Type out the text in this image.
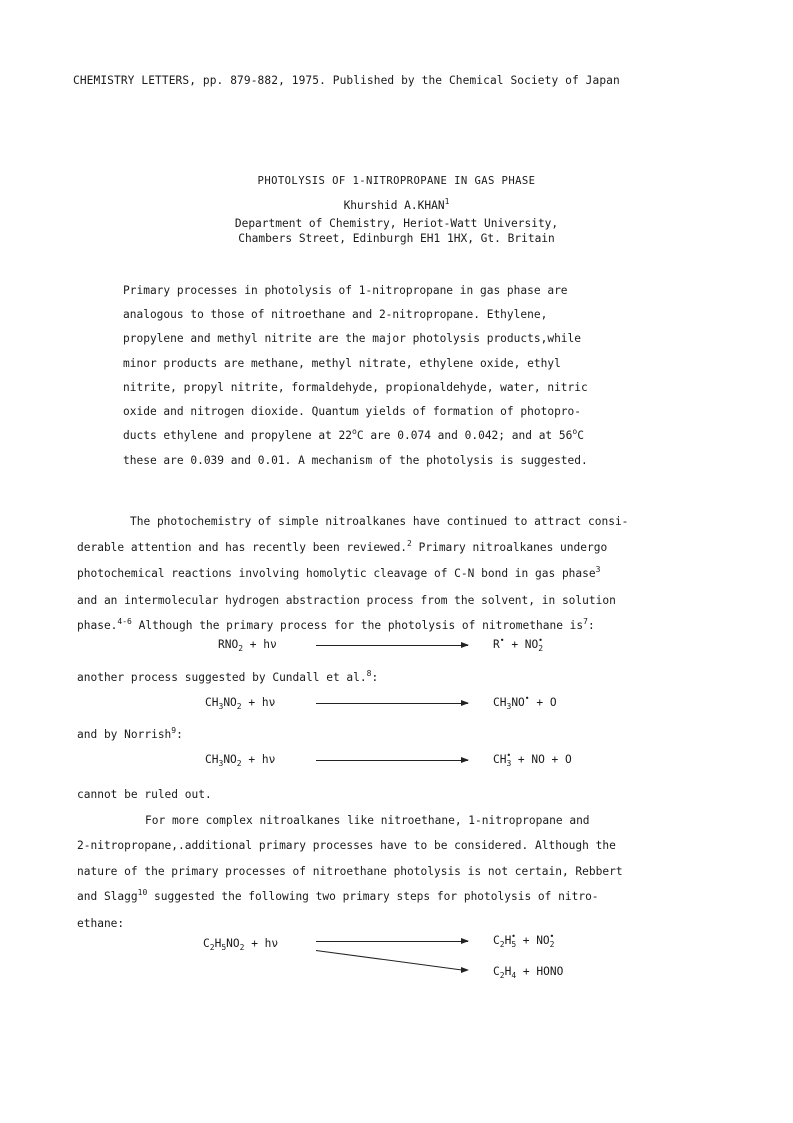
CHEMISTRY LETTERS, pp. 879-882, 1975. Published by the Chemical Society of Japan
PHOTOLYSIS OF 1-NITROPROPANE IN GAS PHASE
Khurshid A.KHAN$^1$
Department of Chemistry, Heriot-Watt University,
Chambers Street, Edinburgh EH1 1HX, Gt. Britain
Primary processes in photolysis of 1-nitropropane in gas phase are
analogous to those of nitroethane and 2-nitropropane. Ethylene,
propylene and methyl nitrite are the major photolysis products,while
minor products are methane, methyl nitrate, ethylene oxide, ethyl
nitrite, propyl nitrite, formaldehyde, propionaldehyde, water, nitric
oxide and nitrogen dioxide. Quantum yields of formation of photopro-
ducts ethylene and propylene at 22$^o$C are 0.074 and 0.042; and at 56$^o$C
these are 0.039 and 0.01. A mechanism of the photolysis is suggested.
The photochemistry of simple nitroalkanes have continued to attract consi-
derable attention and has recently been reviewed.$^2$ Primary nitroalkanes undergo
photochemical reactions involving homolytic cleavage of C-N bond in gas phase$^3$
and an intermolecular hydrogen abstraction process from the solvent, in solution
phase.$^{4-6}$ Although the primary process for the photolysis of nitromethane $is^7$:
$RNO_2 + h\nu$	$R^• + NO_2^•$
another process suggested by Cundall et al.$^8$:
$CH_3NO_2 + h\nu$	$CH_3NO^• + O$
and by Norrish$^9$:
$CH_3NO_2 + h\nu$	$CH_3^•$ + NO + O
cannot be ruled out.
For more complex nitroalkanes like nitroethane, 1-nitropropane and
2-nitropropane,.additional primary processes have to be considered. Although the
nature of the primary processes of nitroethane photolysis is not certain, Rebbert
and Slagg$^{10}$ suggested the following two primary steps for photolysis of nitro-
ethane:
$C_2H_5NO_2 + h\nu$	$C_2H_5^• + NO_2^•$
$C_2H_4$ + HONO
